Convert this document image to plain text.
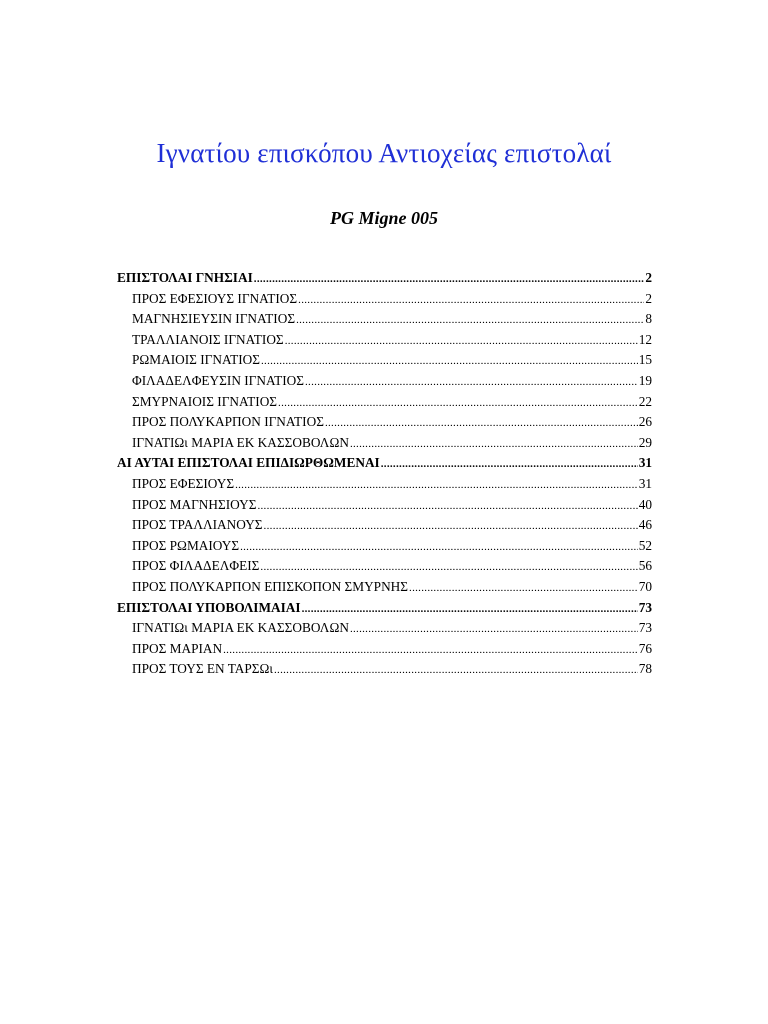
Ιγνατίου επισκόπου Αντιοχείας επιστολαί
PG Migne 005
ΕΠΙΣΤΟΛΑΙ ΓΝΗΣΙΑΙ .....	2
ΠΡΟΣ ΕΦΕΣΙΟΥΣ ΙΓΝΑΤΙΟΣ .....	2
ΜΑΓΝΗΣΙΕΥΣΙΝ ΙΓΝΑΤΙΟΣ .....	8
ΤΡΑΛΛΙΑΝΟΙΣ ΙΓΝΑΤΙΟΣ .....	12
ΡΩΜΑΙΟΙΣ ΙΓΝΑΤΙΟΣ .....	15
ΦΙΛΑΔΕΛΦΕΥΣΙΝ ΙΓΝΑΤΙΟΣ .....	19
ΣΜΥΡΝΑΙΟΙΣ ΙΓΝΑΤΙΟΣ .....	22
ΠΡΟΣ ΠΟΛΥΚΑΡΠΟΝ ΙΓΝΑΤΙΟΣ .....	26
ΙΓΝΑΤΙΩι ΜΑΡΙΑ ΕΚ ΚΑΣΣΟΒΟΛΩΝ .....	29
ΑΙ ΑΥΤΑΙ ΕΠΙΣΤΟΛΑΙ ΕΠΙΔΙΩΡΘΩΜΕΝΑΙ .....	31
ΠΡΟΣ ΕΦΕΣΙΟΥΣ .....	31
ΠΡΟΣ ΜΑΓΝΗΣΙΟΥΣ .....	40
ΠΡΟΣ ΤΡΑΛΛΙΑΝΟΥΣ .....	46
ΠΡΟΣ ΡΩΜΑΙΟΥΣ .....	52
ΠΡΟΣ ΦΙΛΑΔΕΛΦΕΙΣ .....	56
ΠΡΟΣ ΠΟΛΥΚΑΡΠΟΝ ΕΠΙΣΚΟΠΟΝ ΣΜΥΡΝΗΣ .....	70
ΕΠΙΣΤΟΛΑΙ ΥΠΟΒΟΛΙΜΑΙΑΙ .....	73
ΙΓΝΑΤΙΩι ΜΑΡΙΑ ΕΚ ΚΑΣΣΟΒΟΛΩΝ .....	73
ΠΡΟΣ ΜΑΡΙΑΝ .....	76
ΠΡΟΣ ΤΟΥΣ ΕΝ ΤΑΡΣΩι .....	78
